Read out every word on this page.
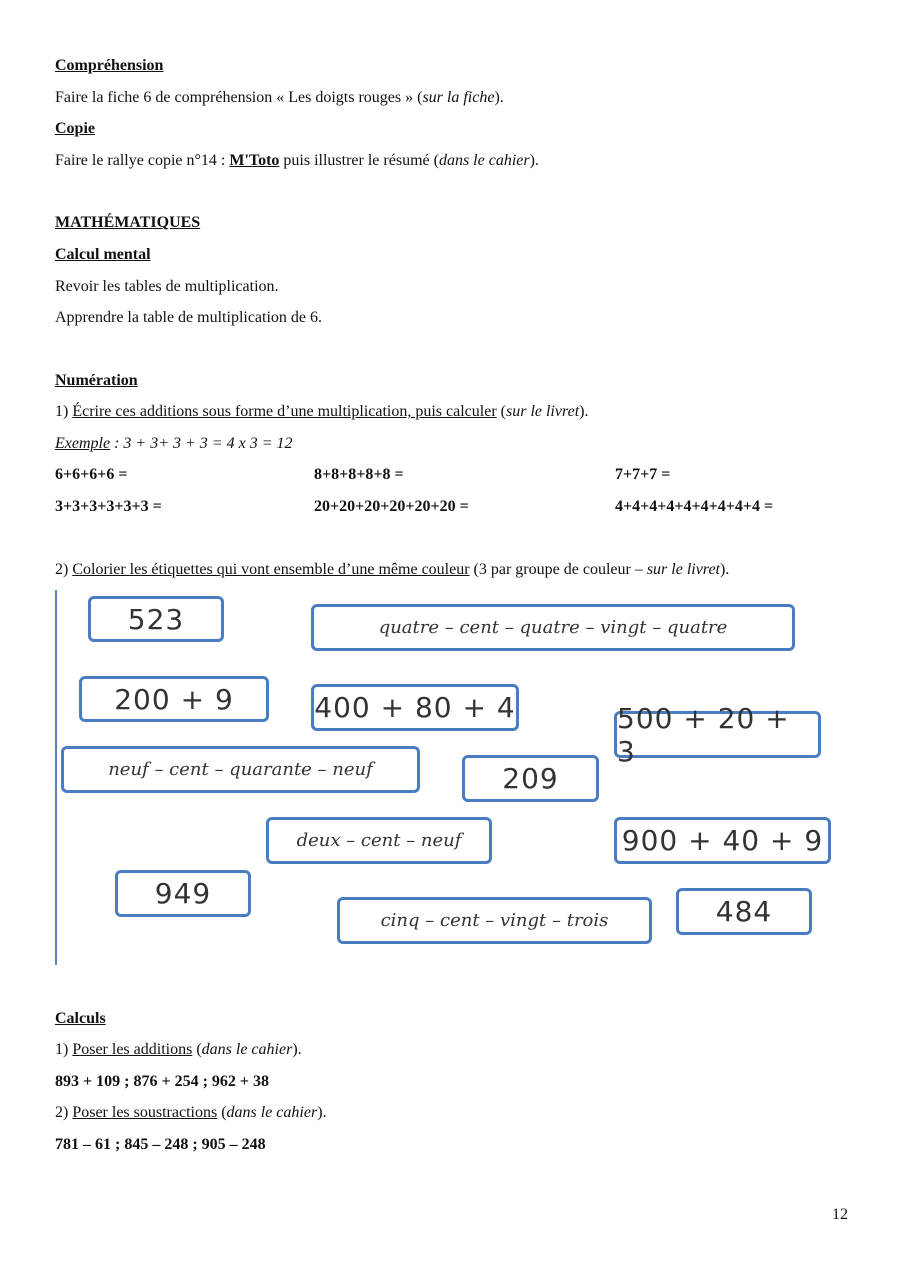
Compréhension
Faire la fiche 6 de compréhension « Les doigts rouges » (sur la fiche).
Copie
Faire le rallye copie n°14 : M'Toto puis illustrer le résumé (dans le cahier).
MATHÉMATIQUES
Calcul mental
Revoir les tables de multiplication.
Apprendre la table de multiplication de 6.
Numération
1) Écrire ces additions sous forme d’une multiplication, puis calculer (sur le livret).
Exemple : 3 + 3+ 3 + 3 = 4 x 3 = 12
6+6+6+6 =	8+8+8+8+8 =	7+7+7 =
3+3+3+3+3+3 =	20+20+20+20+20+20 =	4+4+4+4+4+4+4+4+4 =
2) Colorier les étiquettes qui vont ensemble d’une même couleur (3 par groupe de couleur – sur le livret).
523	quatre – cent – quatre – vingt – quatre
200 + 9	400 + 80 + 4	500 + 20 + 3
neuf – cent – quarante – neuf	209
deux – cent – neuf	900 + 40 + 9
949
cinq – cent – vingt – trois	484
Calculs
1) Poser les additions (dans le cahier).
893 + 109 ; 876 + 254 ; 962 + 38
2) Poser les soustractions (dans le cahier).
781 – 61 ; 845 – 248 ; 905 – 248
12
